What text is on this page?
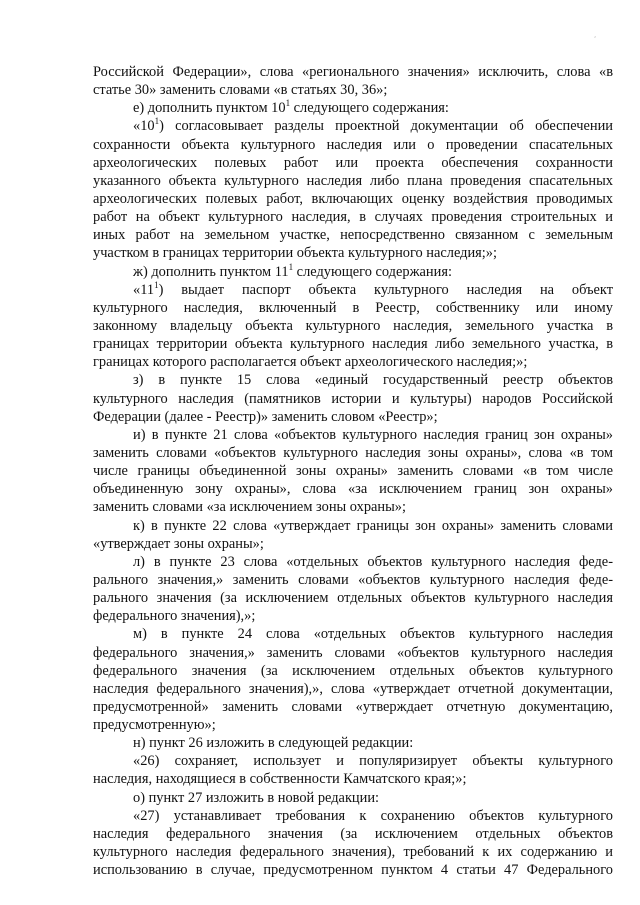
,
Российской Федерации», слова «регионального значения» исключить, слова «в
статье 30» заменить словами «в статьях 30, 36»;
е) дополнить пунктом $10^1$ следующего содержания:
«$10^1$) согласовывает разделы проектной документации об обеспечении
сохранности объекта культурного наследия или о проведении спасательных
археологических полевых работ или проекта обеспечения сохранности
указанного объекта культурного наследия либо плана проведения спасательных
археологических полевых работ, включающих оценку воздействия проводимых
работ на объект культурного наследия, в случаях проведения строительных и
иных работ на земельном участке, непосредственно связанном с земельным
участком в границах территории объекта культурного наследия;»;
ж) дополнить пунктом $11^1$ следующего содержания:
«$11^1$) выдает паспорт объекта культурного наследия на объект
культурного наследия, включенный в Реестр, собственнику или иному
законному владельцу объекта культурного наследия, земельного участка в
границах территории объекта культурного наследия либо земельного участка, в
границах которого располагается объект археологического наследия;»;
з) в пункте 15 слова «единый государственный реестр объектов
культурного наследия (памятников истории и культуры) народов Российской
Федерации (далее - Реестр)» заменить словом «Реестр»;
и) в пункте 21 слова «объектов культурного наследия границ зон охраны»
заменить словами «объектов культурного наследия зоны охраны», слова «в том
числе границы объединенной зоны охраны» заменить словами «в том числе
объединенную зону охраны», слова «за исключением границ зон охраны»
заменить словами «за исключением зоны охраны»;
к) в пункте 22 слова «утверждает границы зон охраны» заменить словами
«утверждает зоны охраны»;
л) в пункте 23 слова «отдельных объектов культурного наследия феде-
рального значения,» заменить словами «объектов культурного наследия феде-
рального значения (за исключением отдельных объектов культурного наследия
федерального значения),»;
м) в пункте 24 слова «отдельных объектов культурного наследия
федерального значения,» заменить словами «объектов культурного наследия
федерального значения (за исключением отдельных объектов культурного
наследия федерального значения),», слова «утверждает отчетной документации,
предусмотренной» заменить словами «утверждает отчетную документацию,
предусмотренную»;
н) пункт 26 изложить в следующей редакции:
«26) сохраняет, использует и популяризирует объекты культурного
наследия, находящиеся в собственности Камчатского края;»;
о) пункт 27 изложить в новой редакции:
«27) устанавливает требования к сохранению объектов культурного
наследия федерального значения (за исключением отдельных объектов
культурного наследия федерального значения), требований к их содержанию и
использованию в случае, предусмотренном пунктом 4 статьи 47 Федерального
